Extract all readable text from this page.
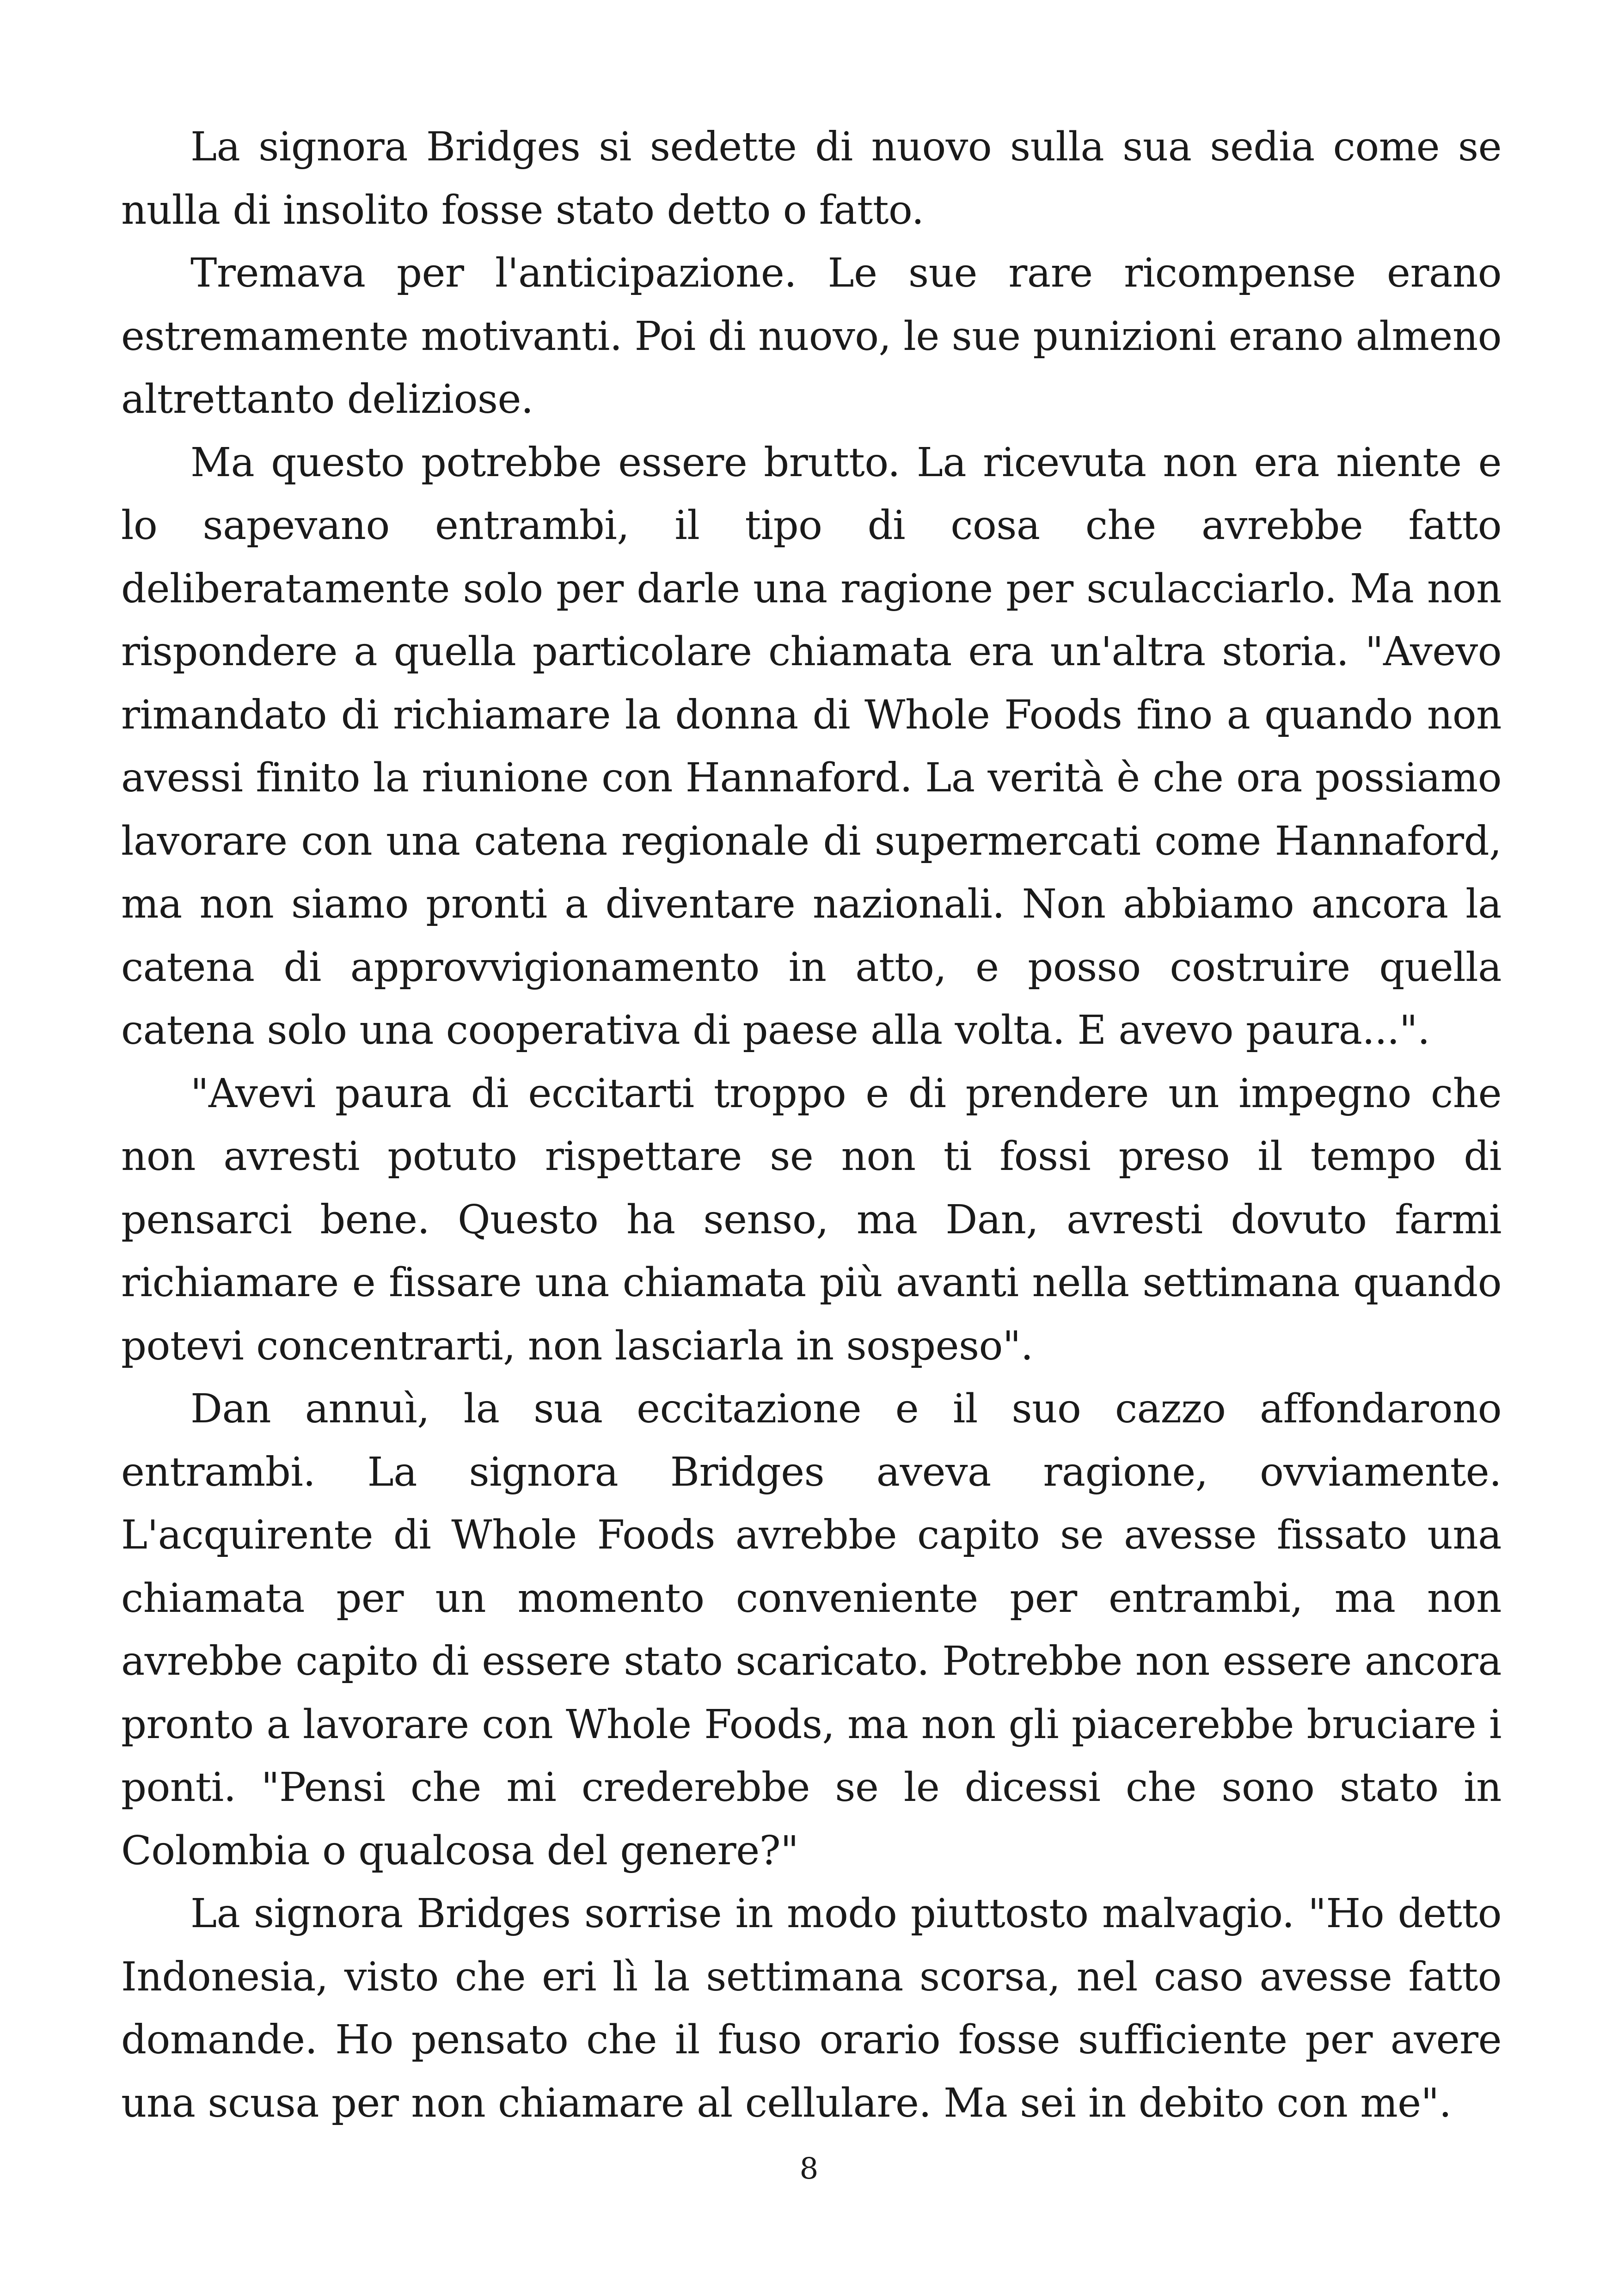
La signora Bridges si sedette di nuovo sulla sua sedia come se nulla di insolito fosse stato detto o fatto.

Tremava per l'anticipazione. Le sue rare ricompense erano estremamente motivanti. Poi di nuovo, le sue punizioni erano almeno altrettanto deliziose.

Ma questo potrebbe essere brutto. La ricevuta non era niente e lo sapevano entrambi, il tipo di cosa che avrebbe fatto deliberatamente solo per darle una ragione per sculacciarlo. Ma non rispondere a quella particolare chiamata era un'altra storia. "Avevo rimandato di richiamare la donna di Whole Foods fino a quando non avessi finito la riunione con Hannaford. La verità è che ora possiamo lavorare con una catena regionale di supermercati come Hannaford, ma non siamo pronti a diventare nazionali. Non abbiamo ancora la catena di approvvigionamento in atto, e posso costruire quella catena solo una cooperativa di paese alla volta. E avevo paura...".

"Avevi paura di eccitarti troppo e di prendere un impegno che non avresti potuto rispettare se non ti fossi preso il tempo di pensarci bene. Questo ha senso, ma Dan, avresti dovuto farmi richiamare e fissare una chiamata più avanti nella settimana quando potevi concentrarti, non lasciarla in sospeso".

Dan annuì, la sua eccitazione e il suo cazzo affondarono entrambi. La signora Bridges aveva ragione, ovviamente. L'acquirente di Whole Foods avrebbe capito se avesse fissato una chiamata per un momento conveniente per entrambi, ma non avrebbe capito di essere stato scaricato. Potrebbe non essere ancora pronto a lavorare con Whole Foods, ma non gli piacerebbe bruciare i ponti. "Pensi che mi crederebbe se le dicessi che sono stato in Colombia o qualcosa del genere?"

La signora Bridges sorrise in modo piuttosto malvagio. "Ho detto Indonesia, visto che eri lì la settimana scorsa, nel caso avesse fatto domande. Ho pensato che il fuso orario fosse sufficiente per avere una scusa per non chiamare al cellulare. Ma sei in debito con me".

8
